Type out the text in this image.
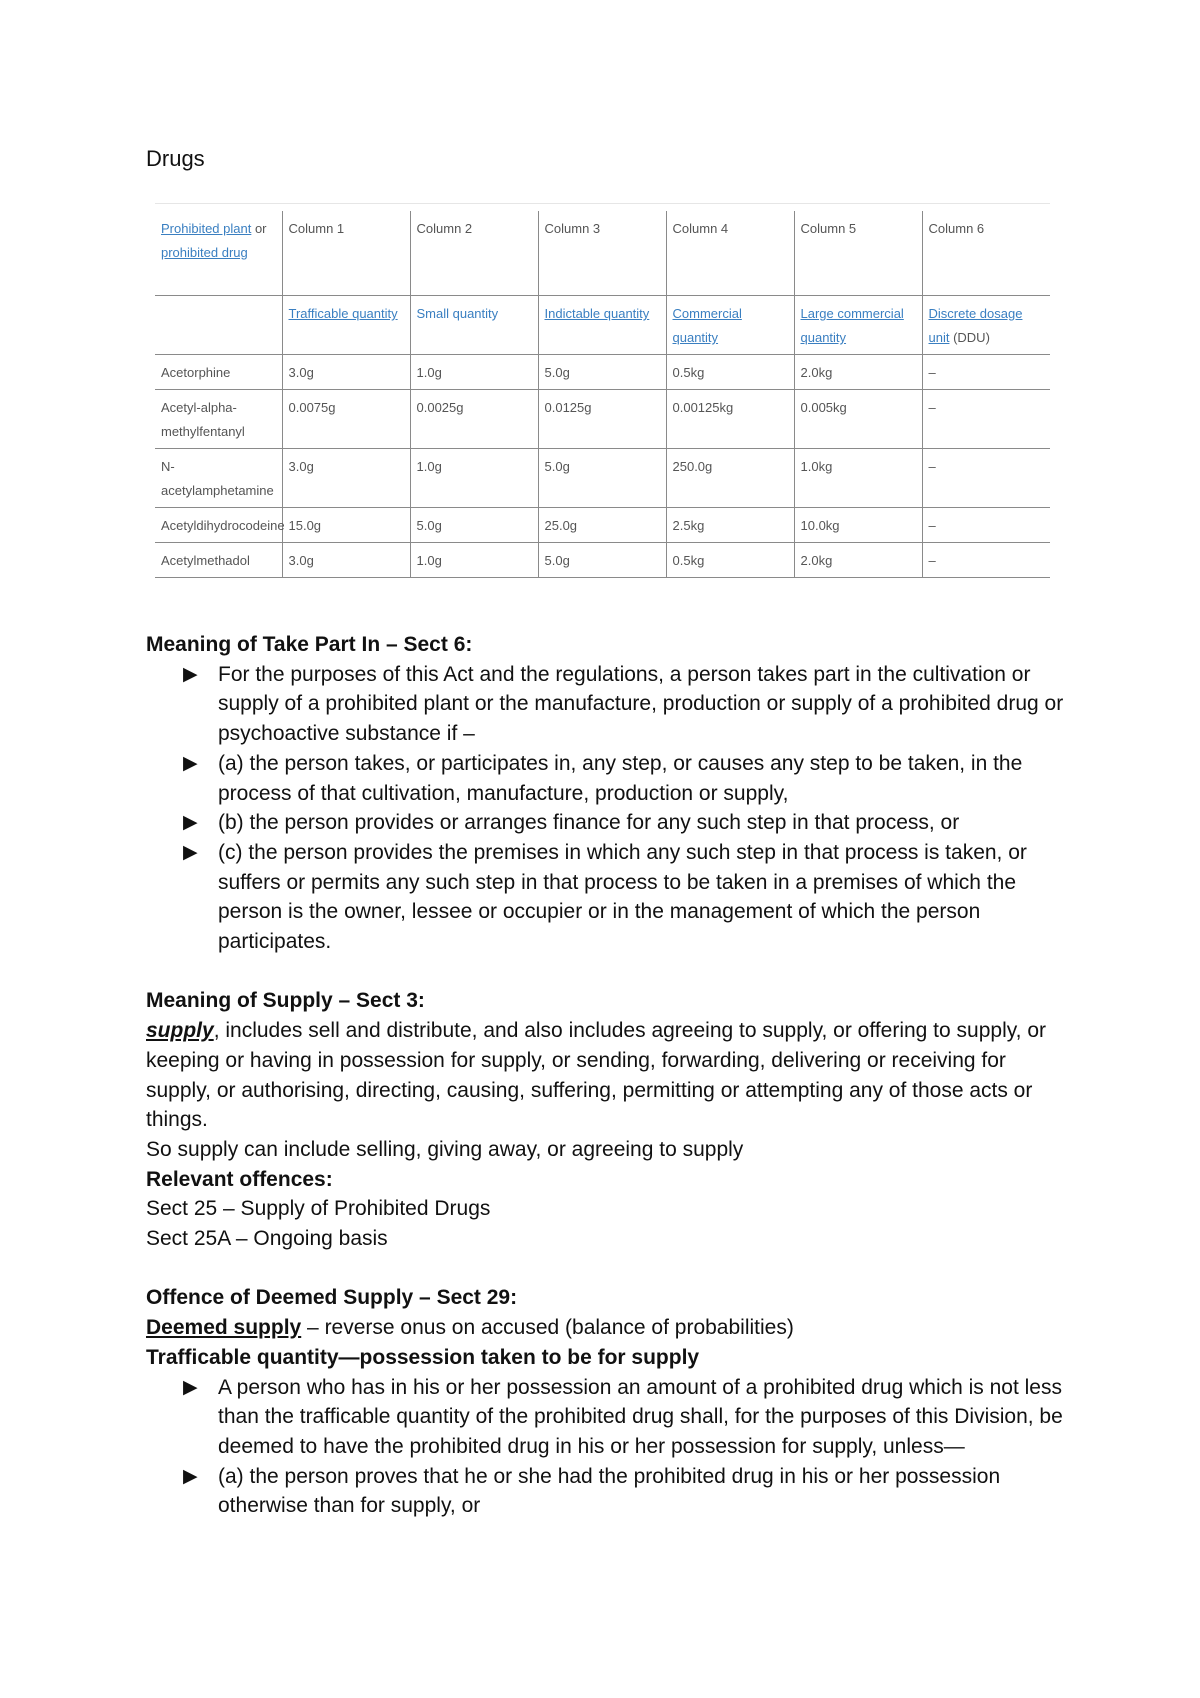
Drugs
Prohibited plant or prohibited drug	Column 1	Column 2	Column 3	Column 4	Column 5	Column 6
	Trafficable quantity	Small quantity	Indictable quantity	Commercial quantity	Large commercial quantity	Discrete dosage unit (DDU)
Acetorphine	3.0g	1.0g	5.0g	0.5kg	2.0kg	–
Acetyl-alpha-methylfentanyl	0.0075g	0.0025g	0.0125g	0.00125kg	0.005kg	–
N-acetylamphetamine	3.0g	1.0g	5.0g	250.0g	1.0kg	–
Acetyldihydrocodeine	15.0g	5.0g	25.0g	2.5kg	10.0kg	–
Acetylmethadol	3.0g	1.0g	5.0g	0.5kg	2.0kg	–
Meaning of Take Part In – Sect 6:
▶ For the purposes of this Act and the regulations, a person takes part in the cultivation or supply of a prohibited plant or the manufacture, production or supply of a prohibited drug or psychoactive substance if –
▶ (a) the person takes, or participates in, any step, or causes any step to be taken, in the process of that cultivation, manufacture, production or supply,
▶ (b) the person provides or arranges finance for any such step in that process, or
▶ (c) the person provides the premises in which any such step in that process is taken, or suffers or permits any such step in that process to be taken in a premises of which the person is the owner, lessee or occupier or in the management of which the person participates.
Meaning of Supply – Sect 3:
supply, includes sell and distribute, and also includes agreeing to supply, or offering to supply, or keeping or having in possession for supply, or sending, forwarding, delivering or receiving for supply, or authorising, directing, causing, suffering, permitting or attempting any of those acts or things.
So supply can include selling, giving away, or agreeing to supply
Relevant offences:
Sect 25 – Supply of Prohibited Drugs
Sect 25A – Ongoing basis
Offence of Deemed Supply – Sect 29:
Deemed supply – reverse onus on accused (balance of probabilities)
Trafficable quantity—possession taken to be for supply
▶ A person who has in his or her possession an amount of a prohibited drug which is not less than the trafficable quantity of the prohibited drug shall, for the purposes of this Division, be deemed to have the prohibited drug in his or her possession for supply, unless—
▶ (a) the person proves that he or she had the prohibited drug in his or her possession otherwise than for supply, or
